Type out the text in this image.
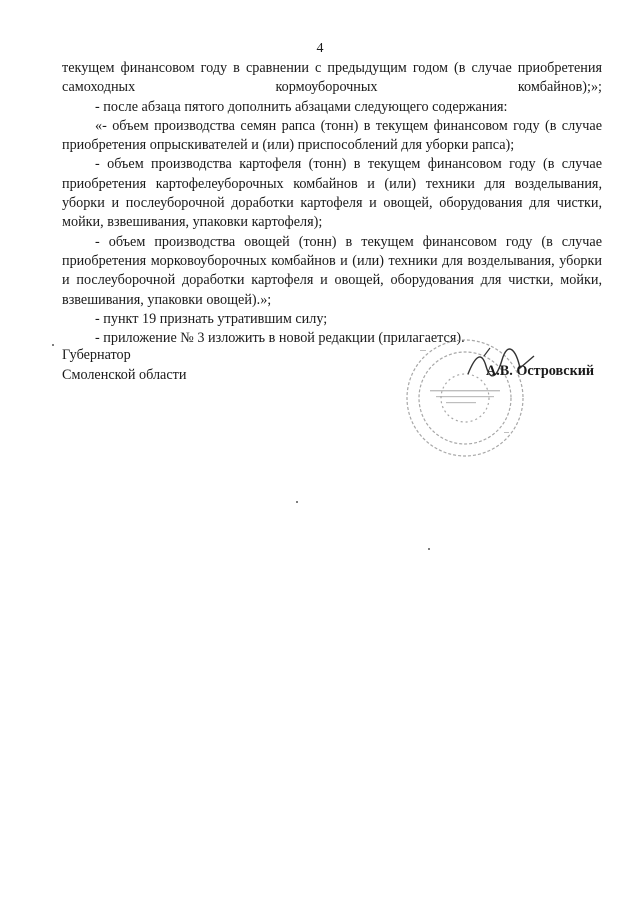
4

текущем финансовом году в сравнении с предыдущим годом (в случае приобретения самоходных кормоуборочных комбайнов);»;

- после абзаца пятого дополнить абзацами следующего содержания:

«- объем производства семян рапса (тонн) в текущем финансовом году (в случае приобретения опрыскивателей и (или) приспособлений для уборки рапса);

- объем производства картофеля (тонн) в текущем финансовом году (в случае приобретения картофелеуборочных комбайнов и (или) техники для возделывания, уборки и послеуборочной доработки картофеля и овощей, оборудования для чистки, мойки, взвешивания, упаковки картофеля);

- объем производства овощей (тонн) в текущем финансовом году (в случае приобретения морковоуборочных комбайнов и (или) техники для возделывания, уборки и послеуборочной доработки картофеля и овощей, оборудования для чистки, мойки, взвешивания, упаковки овощей).»;

- пункт 19 признать утратившим силу;

- приложение № 3 изложить в новой редакции (прилагается).

Губернатор
Смоленской области	А.В. Островский
